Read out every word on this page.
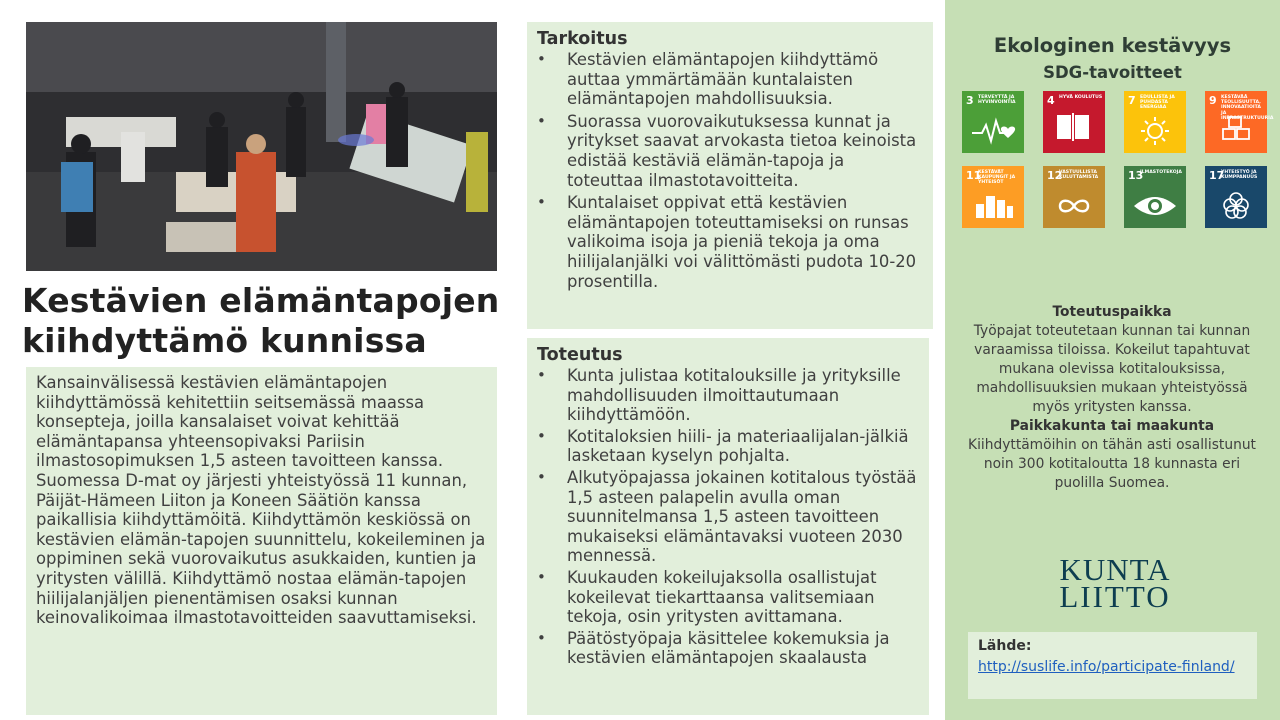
Kestävien elämäntapojen
kiihdyttämö kunnissa
Kansainvälisessä kestävien elämäntapojen kiihdyttämössä kehitettiin seitsemässä maassa konsepteja, joilla kansalaiset voivat kehittää elämäntapansa yhteensopivaksi Pariisin ilmastosopimuksen 1,5 asteen tavoitteen kanssa. Suomessa D-mat oy järjesti yhteistyössä 11 kunnan, Päijät-Hämeen Liiton ja Koneen Säätiön kanssa paikallisia kiihdyttämöitä. Kiihdyttämön keskiössä on kestävien elämän-tapojen suunnittelu, kokeileminen ja oppiminen sekä vuorovaikutus asukkaiden, kuntien ja yritysten välillä. Kiihdyttämö nostaa elämän-tapojen hiilijalanjäljen pienentämisen osaksi kunnan keinovalikoimaa ilmastotavoitteiden saavuttamiseksi.

Tarkoitus

• Kestävien elämäntapojen kiihdyttämö auttaa ymmärtämään kuntalaisten elämäntapojen mahdollisuuksia.
• Suorassa vuorovaikutuksessa kunnat ja yritykset saavat arvokasta tietoa keinoista edistää kestäviä elämän-tapoja ja toteuttaa ilmastotavoitteita.
• Kuntalaiset oppivat että kestävien elämäntapojen toteuttamiseksi on runsas valikoima isoja ja pieniä tekoja ja oma hiilijalanjälki voi välittömästi pudota 10-20 prosentilla.

Toteutus

• Kunta julistaa kotitalouksille ja yrityksille mahdollisuuden ilmoittautumaan kiihdyttämöön.
• Kotitaloksien hiili- ja materiaalijalan-jälkiä lasketaan kyselyn pohjalta.
• Alkutyöpajassa jokainen kotitalous työstää 1,5 asteen palapelin avulla oman suunnitelmansa 1,5 asteen tavoitteen mukaiseksi elämäntavaksi vuoteen 2030 mennessä.
• Kuukauden kokeilujaksolla osallistujat kokeilevat tiekarttaansa valitsemiaan tekoja, osin yritysten avittamana.
• Päätöstyöpaja käsittelee kokemuksia ja kestävien elämäntapojen skaalausta
Ekologinen kestävyys
SDG-tavoitteet
3 TERVEYTTÄ JA HYVINVOINTIA	4 HYVÄ KOULUTUS 7 EDULLISTA JA PUHDASTA ENERGIAA
9 KESTÄVÄÄ TEOLLISUUTTA, INNOVAATIOITA JA INFRASTRUKTUURIA
11
KESTÄVÄT KAUPUNGIT JA YHTEISÖT
12
VASTUULLISTA KULUTTAMISTA	13
ILMASTOTEKOJA 17
YHTEISTYÖ JA KUMPPANUUS
Toteutuspaikka
Työpajat toteutetaan kunnan tai kunnan varaamissa tiloissa. Kokeilut tapahtuvat mukana olevissa kotitalouksissa, mahdollisuuksien mukaan yhteistyössä myös yritysten kanssa.
Paikkakunta tai maakunta
Kiihdyttämöihin on tähän asti osallistunut noin 300 kotitaloutta 18 kunnasta eri puolilla Suomea.
KUNTA
LIITTO
Lähde:
http://suslife.info/participate-finland/
